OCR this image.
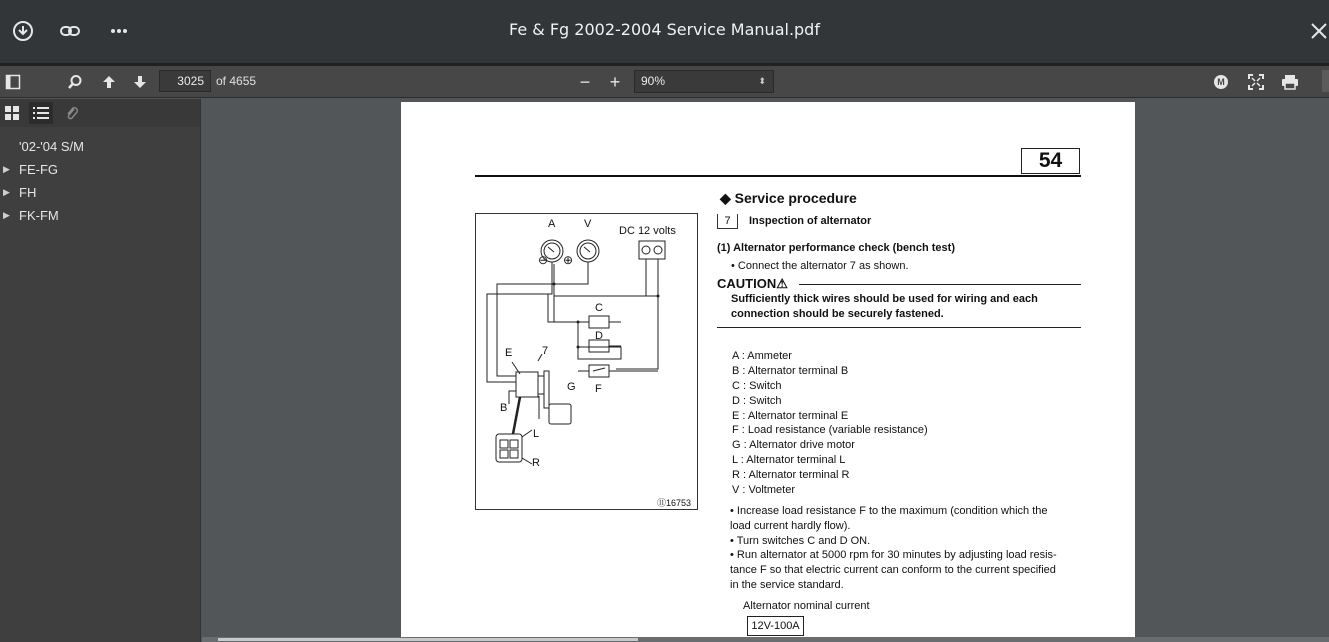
Fe & Fg 2002-2004 Service Manual.pdf
3025	of 4655	− +	90%	⬍	M
'02-'04 S/M
▶ FE-FG
▶ FH
▶ FK-FM
54
⊖ ⊕
A	V
DC 12 volts
C
D
E	7
G F
B
L
R
⑪16753
◆ Service procedure
7	Inspection of alternator
(1) Alternator performance check (bench test)
• Connect the alternator 7 as shown.
CAUTION⚠
Sufficiently thick wires should be used for wiring and each
connection should be securely fastened.
A : Ammeter
B : Alternator terminal B
C : Switch
D : Switch
E : Alternator terminal E
F : Load resistance (variable resistance)
G : Alternator drive motor
L : Alternator terminal L
R : Alternator terminal R
V : Voltmeter
• Increase load resistance F to the maximum (condition which the
load current hardly flow).
• Turn switches C and D ON.
• Run alternator at 5000 rpm for 30 minutes by adjusting load resis-
tance F so that electric current can conform to the current specified
in the service standard.
Alternator nominal current
12V-100A
